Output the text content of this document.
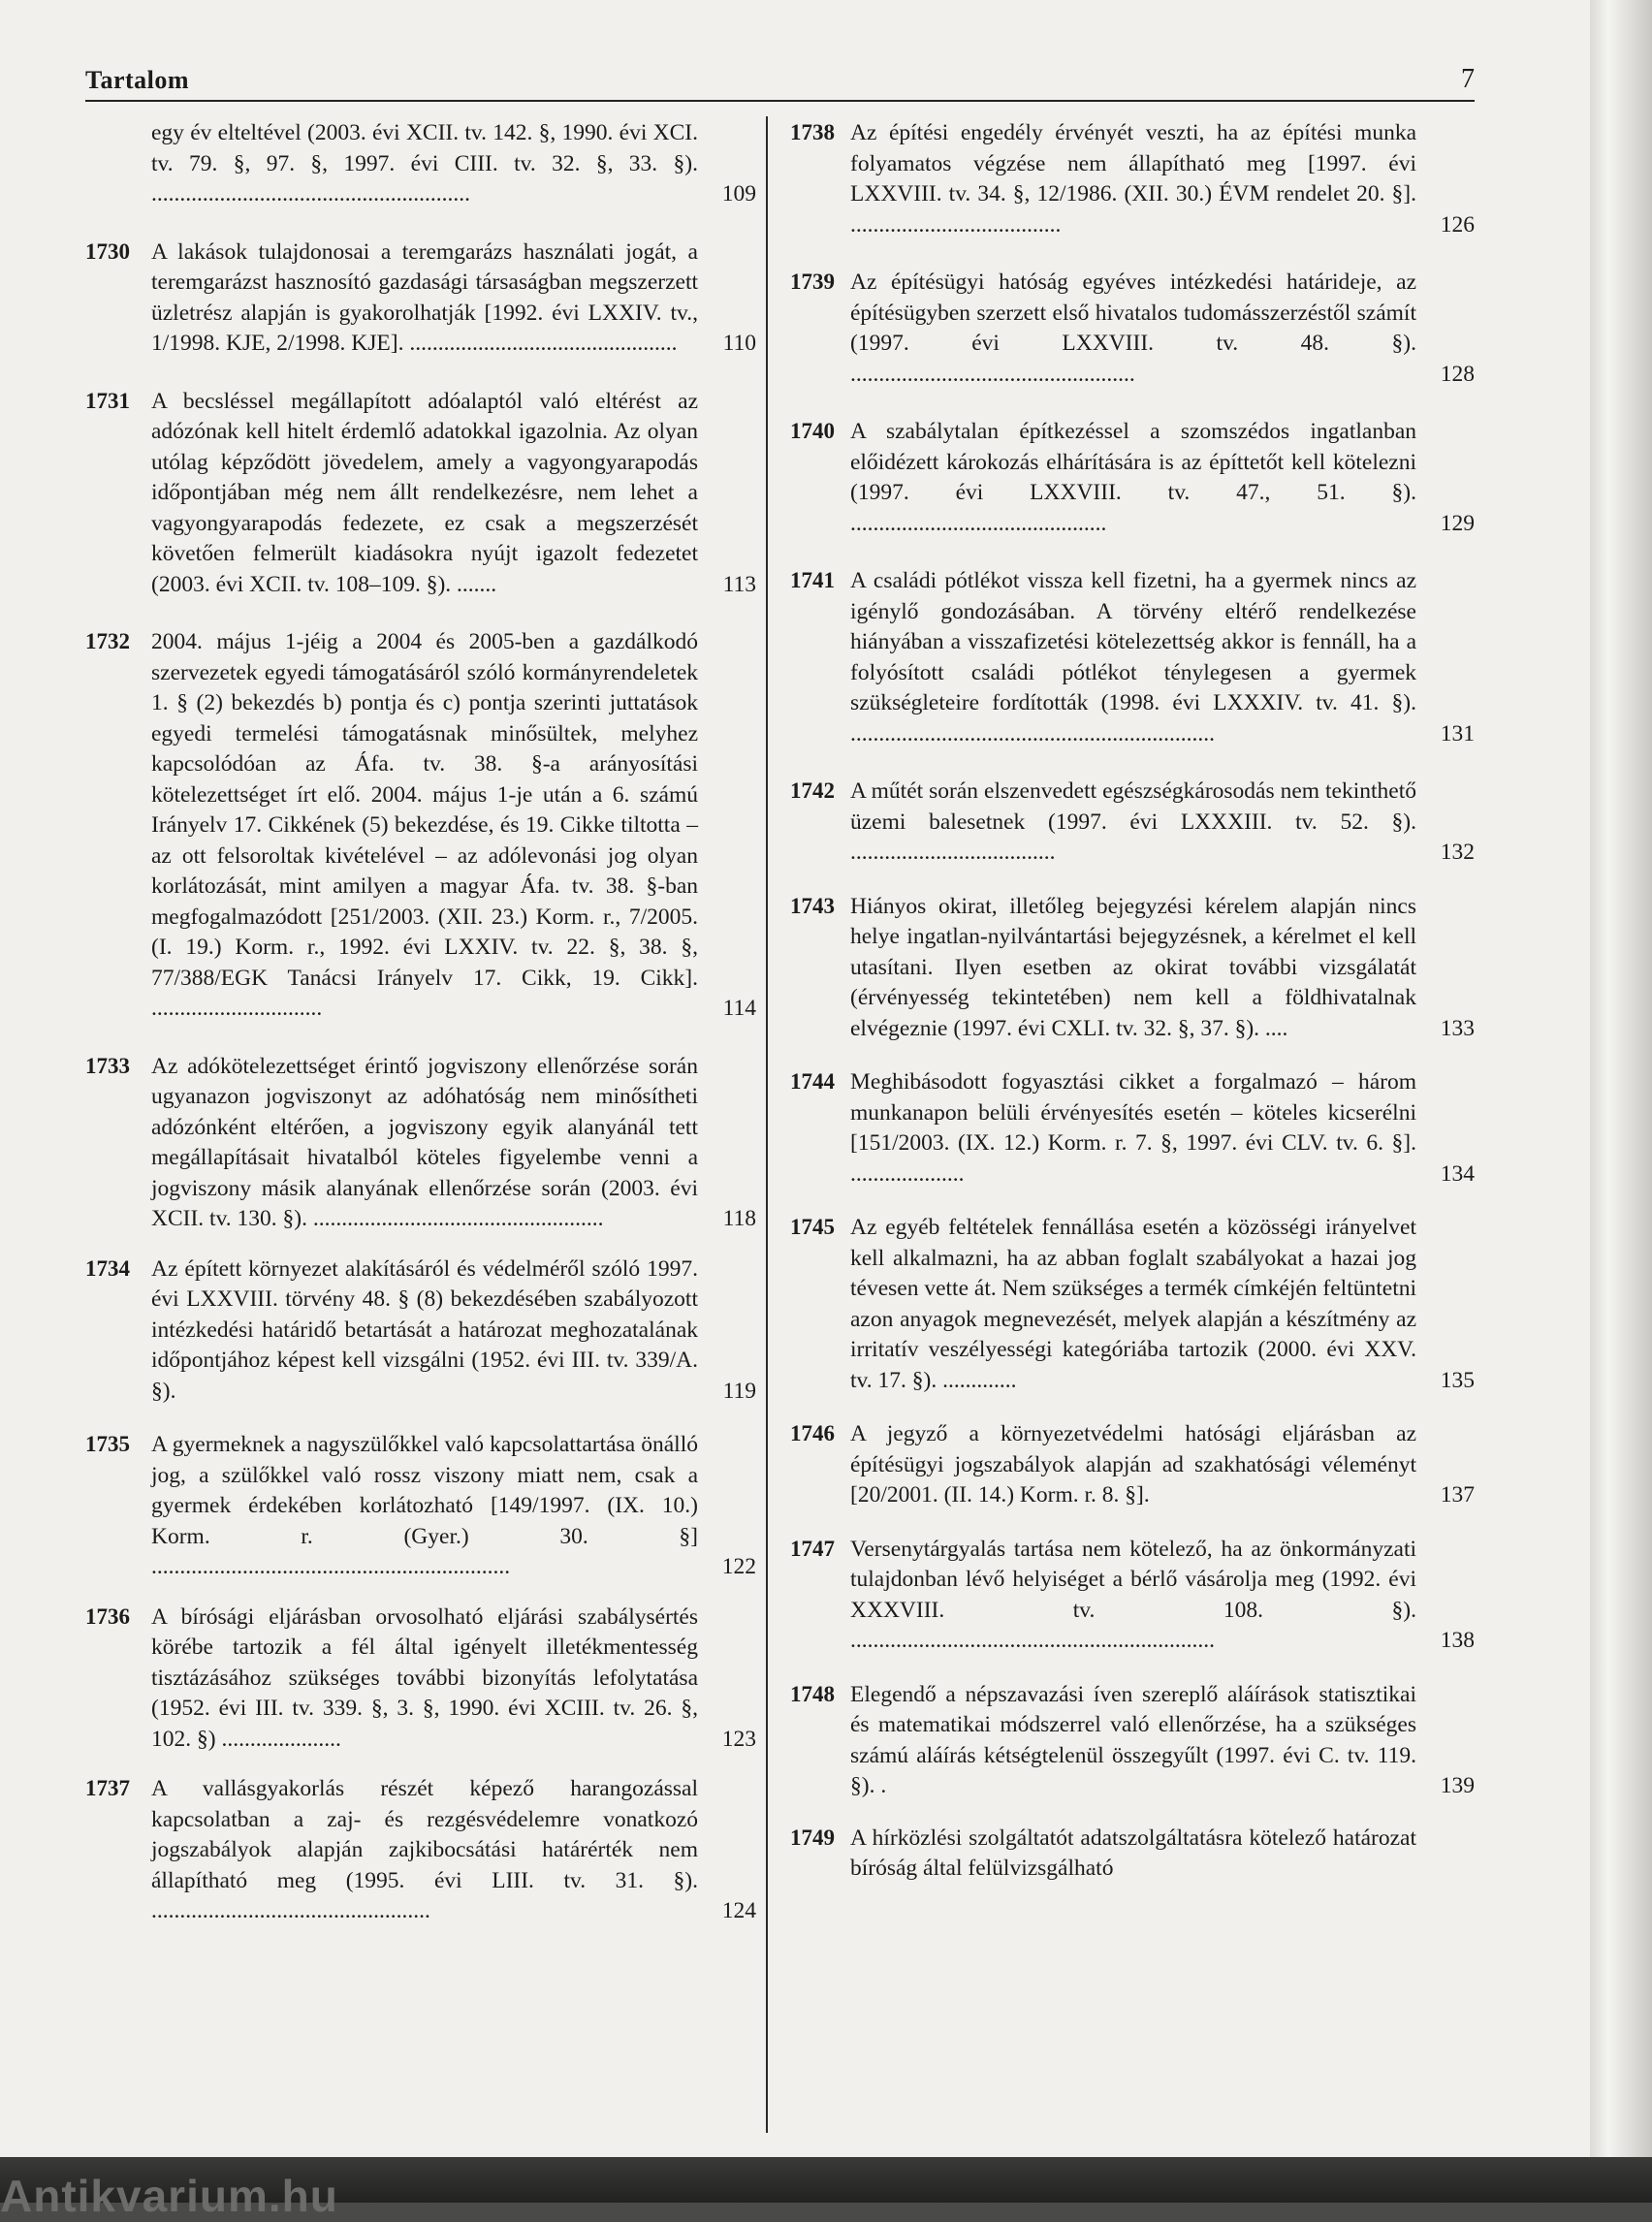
Tartalom	7
egy év elteltével (2003. évi XCII. tv. 142. §, 1990. évi XCI. tv. 79. §, 97. §, 1997. évi CIII. tv. 32. §, 33. §). ........................................................	109
1730 A lakások tulajdonosai a teremgarázs használati jogát, a teremgarázst hasznosító gazdasági társaságban megszerzett üzletrész alapján is gyakorolhatják [1992. évi LXXIV. tv., 1/1998. KJE, 2/1998. KJE]. ...............................................	110
1731 A becsléssel megállapított adóalaptól való eltérést az adózónak kell hitelt érdemlő adatokkal igazolnia. Az olyan utólag képződött jövedelem, amely a vagyongyarapodás időpontjában még nem állt rendelkezésre, nem lehet a vagyongyarapodás fedezete, ez csak a megszerzését követően felmerült kiadásokra nyújt igazolt fedezetet (2003. évi XCII. tv. 108–109. §). .......	113
1732 2004. május 1-jéig a 2004 és 2005-ben a gazdálkodó szervezetek egyedi támogatásáról szóló kormányrendeletek 1. § (2) bekezdés b) pontja és c) pontja szerinti juttatások egyedi termelési támogatásnak minősültek, melyhez kapcsolódóan az Áfa. tv. 38. §-a arányosítási kötelezettséget írt elő. 2004. május 1-je után a 6. számú Irányelv 17. Cikkének (5) bekezdése, és 19. Cikke tiltotta – az ott felsoroltak kivételével – az adólevonási jog olyan korlátozását, mint amilyen a magyar Áfa. tv. 38. §-ban megfogalmazódott [251/2003. (XII. 23.) Korm. r., 7/2005. (I. 19.) Korm. r., 1992. évi LXXIV. tv. 22. §, 38. §, 77/388/EGK Tanácsi Irányelv 17. Cikk, 19. Cikk]. ..............................	114
1733 Az adókötelezettséget érintő jogviszony ellenőrzése során ugyanazon jogviszonyt az adóhatóság nem minősítheti adózónként eltérően, a jogviszony egyik alanyánál tett megállapításait hivatalból köteles figyelembe venni a jogviszony másik alanyának ellenőrzése során (2003. évi XCII. tv. 130. §). ...................................................	118
1734 Az épített környezet alakításáról és védelméről szóló 1997. évi LXXVIII. törvény 48. § (8) bekezdésében szabályozott intézkedési határidő betartását a határozat meghozatalának időpontjához képest kell vizsgálni (1952. évi III. tv. 339/A. §).	119
1735 A gyermeknek a nagyszülőkkel való kapcsolattartása önálló jog, a szülőkkel való rossz viszony miatt nem, csak a gyermek érdekében korlátozható [149/1997. (IX. 10.) Korm. r. (Gyer.) 30. §] ...............................................................	122
1736 A bírósági eljárásban orvosolható eljárási szabálysértés körébe tartozik a fél által igényelt illetékmentesség tisztázásához szükséges további bizonyítás lefolytatása (1952. évi III. tv. 339. §, 3. §, 1990. évi XCIII. tv. 26. §, 102. §) .....................	123
1737 A vallásgyakorlás részét képező harangozással kapcsolatban a zaj- és rezgésvédelemre vonatkozó jogszabályok alapján zajkibocsátási határérték nem állapítható meg (1995. évi LIII. tv. 31. §). .................................................	124
1738 Az építési engedély érvényét veszti, ha az építési munka folyamatos végzése nem állapítható meg [1997. évi LXXVIII. tv. 34. §, 12/1986. (XII. 30.) ÉVM rendelet 20. §]. .....................................	126
1739 Az építésügyi hatóság egyéves intézkedési határideje, az építésügyben szerzett első hivatalos tudomásszerzéstől számít (1997. évi LXXVIII. tv. 48. §). ..................................................	128
1740 A szabálytalan építkezéssel a szomszédos ingatlanban előidézett károkozás elhárítására is az építtetőt kell kötelezni (1997. évi LXXVIII. tv. 47., 51. §). .............................................	129
1741 A családi pótlékot vissza kell fizetni, ha a gyermek nincs az igénylő gondozásában. A törvény eltérő rendelkezése hiányában a visszafizetési kötelezettség akkor is fennáll, ha a folyósított családi pótlékot ténylegesen a gyermek szükségleteire fordították (1998. évi LXXXIV. tv. 41. §). ................................................................	131
1742 A műtét során elszenvedett egészségkárosodás nem tekinthető üzemi balesetnek (1997. évi LXXXIII. tv. 52. §). ....................................	132
1743 Hiányos okirat, illetőleg bejegyzési kérelem alapján nincs helye ingatlan-nyilvántartási bejegyzésnek, a kérelmet el kell utasítani. Ilyen esetben az okirat további vizsgálatát (érvényesség tekintetében) nem kell a földhivatalnak elvégeznie (1997. évi CXLI. tv. 32. §, 37. §). ....	133
1744 Meghibásodott fogyasztási cikket a forgalmazó – három munkanapon belüli érvényesítés esetén – köteles kicserélni [151/2003. (IX. 12.) Korm. r. 7. §, 1997. évi CLV. tv. 6. §]. ....................	134
1745 Az egyéb feltételek fennállása esetén a közösségi irányelvet kell alkalmazni, ha az abban foglalt szabályokat a hazai jog tévesen vette át. Nem szükséges a termék címkéjén feltüntetni azon anyagok megnevezését, melyek alapján a készítmény az irritatív veszélyességi kategóriába tartozik (2000. évi XXV. tv. 17. §). .............	135
1746 A jegyző a környezetvédelmi hatósági eljárásban az építésügyi jogszabályok alapján ad szakhatósági véleményt [20/2001. (II. 14.) Korm. r. 8. §].	137
1747 Versenytárgyalás tartása nem kötelező, ha az önkormányzati tulajdonban lévő helyiséget a bérlő vásárolja meg (1992. évi XXXVIII. tv. 108. §). ................................................................	138
1748 Elegendő a népszavazási íven szereplő aláírások statisztikai és matematikai módszerrel való ellenőrzése, ha a szükséges számú aláírás kétségtelenül összegyűlt (1997. évi C. tv. 119. §). .	139
1749 A hírközlési szolgáltatót adatszolgáltatásra kötelező határozat bíróság által felülvizsgálható
Antikvarium.hu
